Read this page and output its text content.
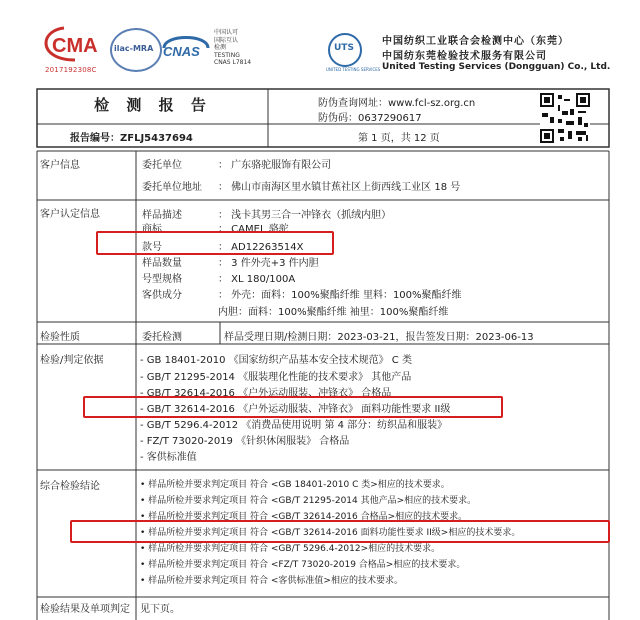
CMA
2017192308C
ilac-MRA CNAS
中国认可
国际互认
检测
TESTING
CNAS L7814
UTS
UNITED TESTING SERVICES
中国纺织工业联合会检测中心（东莞）
中国纺东莞检验技术服务有限公司
United Testing Services (Dongguan) Co., Ltd.
检 测 报 告	防伪查询网址：www.fcl-sz.org.cn
防伪码：0637290617
报告编号：ZFLJ5437694	第 1 页，共 12 页
客户信息	委托单位	： 广东骆驼服饰有限公司
委托单位地址 ： 佛山市南海区里水镇甘蕉社区上街西线工业区 18 号
客户认定信息	样品描述	： 浅卡其男三合一冲锋衣（抓绒内胆）
商标	： CAMEL 骆驼
款号	： AD12263514X
样品数量	： 3 件外壳+3 件内胆
号型规格	： XL 180/100A
客供成分	： 外壳：面料：100%聚酯纤维 里料：100%聚酯纤维
内胆：面料：100%聚酯纤维 袖里：100%聚酯纤维
检验性质	委托检测	样品受理日期/检测日期：2023-03-21，报告签发日期：2023-06-13
检验/判定依据	- GB 18401-2010 《国家纺织产品基本安全技术规范》 C 类
- GB/T 21295-2014 《服装理化性能的技术要求》 其他产品
- GB/T 32614-2016 《户外运动服装、冲锋衣》 合格品
- GB/T 32614-2016 《户外运动服装、冲锋衣》 面料功能性要求 II级
- GB/T 5296.4-2012 《消费品使用说明 第 4 部分：纺织品和服装》
- FZ/T 73020-2019 《针织休闲服装》 合格品
- 客供标准值
综合检验结论	• 样品所检并要求判定项目 符合 <GB 18401-2010 C 类>相应的技术要求。
• 样品所检并要求判定项目 符合 <GB/T 21295-2014 其他产品>相应的技术要求。
• 样品所检并要求判定项目 符合 <GB/T 32614-2016 合格品>相应的技术要求。
• 样品所检并要求判定项目 符合 <GB/T 32614-2016 面料功能性要求 II级>相应的技术要求。
• 样品所检并要求判定项目 符合 <GB/T 5296.4-2012>相应的技术要求。
• 样品所检并要求判定项目 符合 <FZ/T 73020-2019 合格品>相应的技术要求。
• 样品所检并要求判定项目 符合 <客供标准值>相应的技术要求。
检验结果及单项判定 见下页。
